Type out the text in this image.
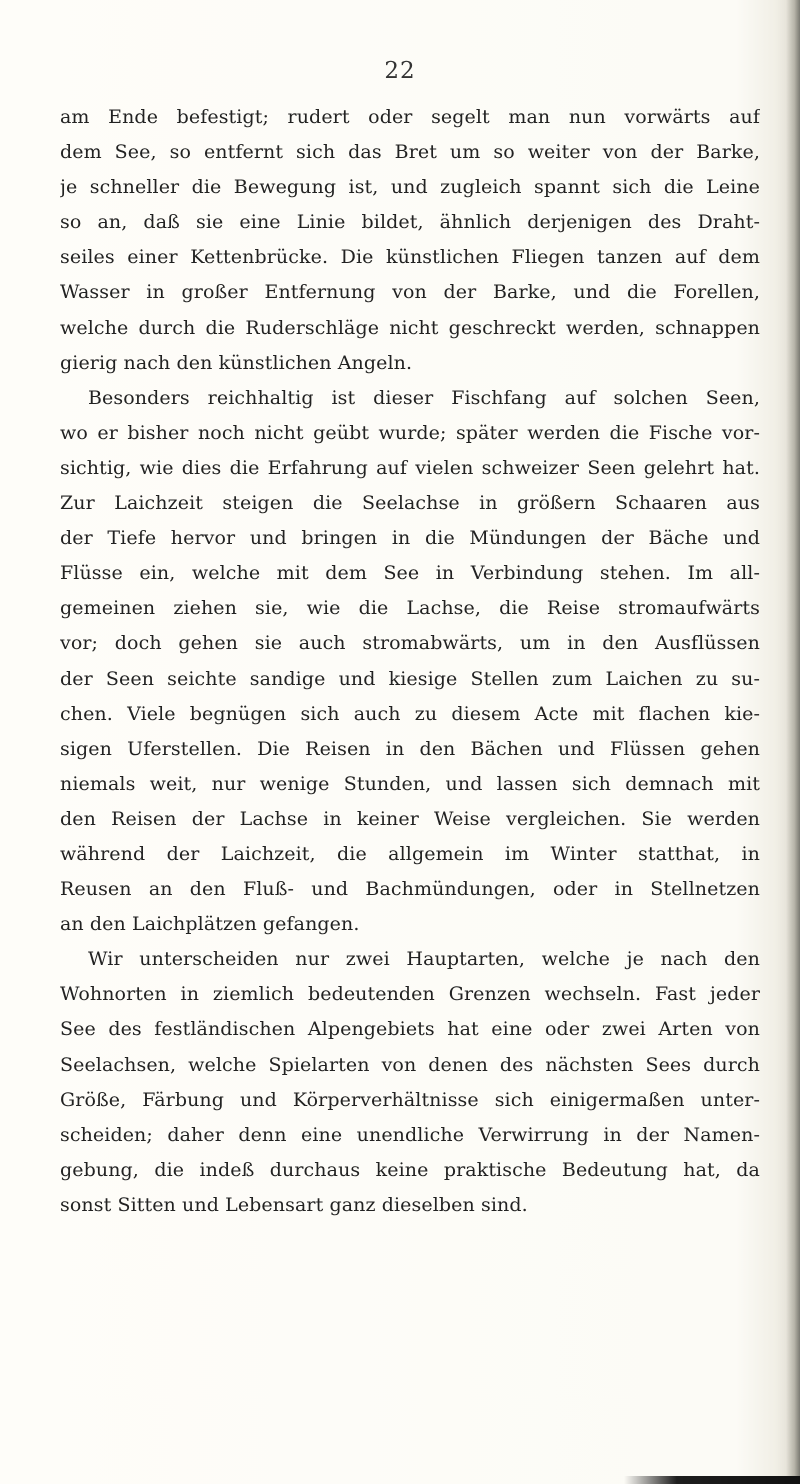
22
am Ende befestigt; rudert oder segelt man nun vorwärts auf
dem See, so entfernt sich das Bret um so weiter von der Barke,
je schneller die Bewegung ist, und zugleich spannt sich die Leine
so an, daß sie eine Linie bildet, ähnlich derjenigen des Draht-
seiles einer Kettenbrücke. Die künstlichen Fliegen tanzen auf dem
Wasser in großer Entfernung von der Barke, und die Forellen,
welche durch die Ruderschläge nicht geschreckt werden, schnappen
gierig nach den künstlichen Angeln.
Besonders reichhaltig ist dieser Fischfang auf solchen Seen,
wo er bisher noch nicht geübt wurde; später werden die Fische vor-
sichtig, wie dies die Erfahrung auf vielen schweizer Seen gelehrt hat.
Zur Laichzeit steigen die Seelachse in größern Schaaren aus
der Tiefe hervor und bringen in die Mündungen der Bäche und
Flüsse ein, welche mit dem See in Verbindung stehen. Im all-
gemeinen ziehen sie, wie die Lachse, die Reise stromaufwärts
vor; doch gehen sie auch stromabwärts, um in den Ausflüssen
der Seen seichte sandige und kiesige Stellen zum Laichen zu su-
chen. Viele begnügen sich auch zu diesem Acte mit flachen kie-
sigen Uferstellen. Die Reisen in den Bächen und Flüssen gehen
niemals weit, nur wenige Stunden, und lassen sich demnach mit
den Reisen der Lachse in keiner Weise vergleichen. Sie werden
während der Laichzeit, die allgemein im Winter statthat, in
Reusen an den Fluß- und Bachmündungen, oder in Stellnetzen
an den Laichplätzen gefangen.
Wir unterscheiden nur zwei Hauptarten, welche je nach den
Wohnorten in ziemlich bedeutenden Grenzen wechseln. Fast jeder
See des festländischen Alpengebiets hat eine oder zwei Arten von
Seelachsen, welche Spielarten von denen des nächsten Sees durch
Größe, Färbung und Körperverhältnisse sich einigermaßen unter-
scheiden; daher denn eine unendliche Verwirrung in der Namen-
gebung, die indeß durchaus keine praktische Bedeutung hat, da
sonst Sitten und Lebensart ganz dieselben sind.
